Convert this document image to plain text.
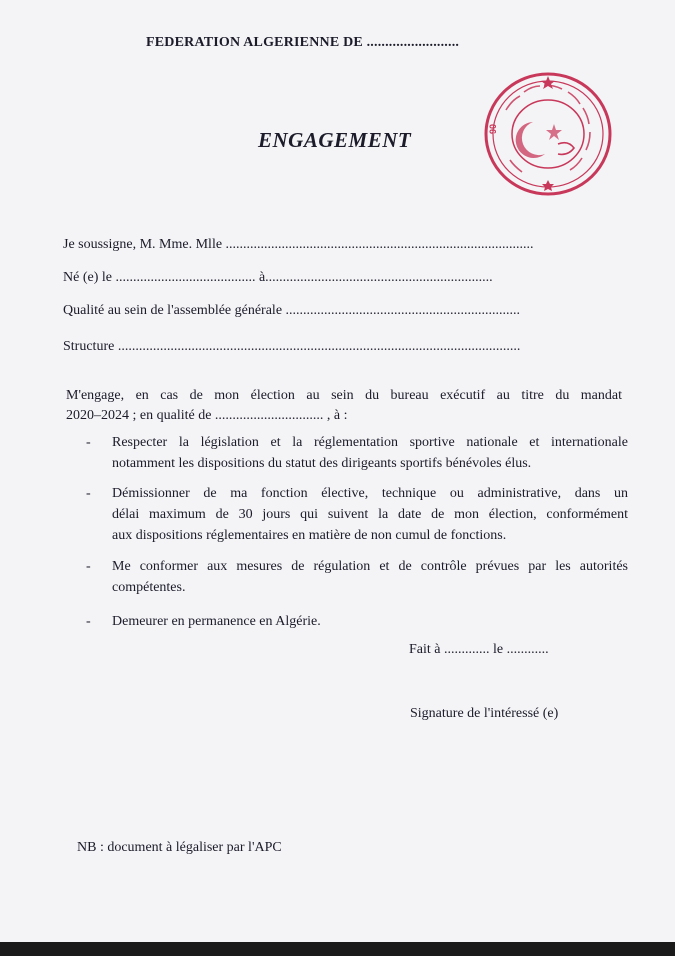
FEDERATION ALGERIENNE DE .........................
ENGAGEMENT	90
Je soussigne, M. Mme. Mlle ........................................................................................
Né (e) le ........................................ à.................................................................
Qualité au sein de l'assemblée générale ...................................................................
Structure ...................................................................................................................
M'engage, en cas de mon élection au sein du bureau exécutif au titre du mandat
2020–2024 ; en qualité de ............................... , à :
- Respecter la législation et la réglementation sportive nationale et internationale
notamment les dispositions du statut des dirigeants sportifs bénévoles élus.
- Démissionner de ma fonction élective, technique ou administrative, dans un
délai maximum de 30 jours qui suivent la date de mon élection, conformément
aux dispositions réglementaires en matière de non cumul de fonctions.
- Me conformer aux mesures de régulation et de contrôle prévues par les autorités
compétentes.
- Demeurer en permanence en Algérie.
Fait à ............. le ............
Signature de l'intéressé (e)
NB : document à légaliser par l'APC
